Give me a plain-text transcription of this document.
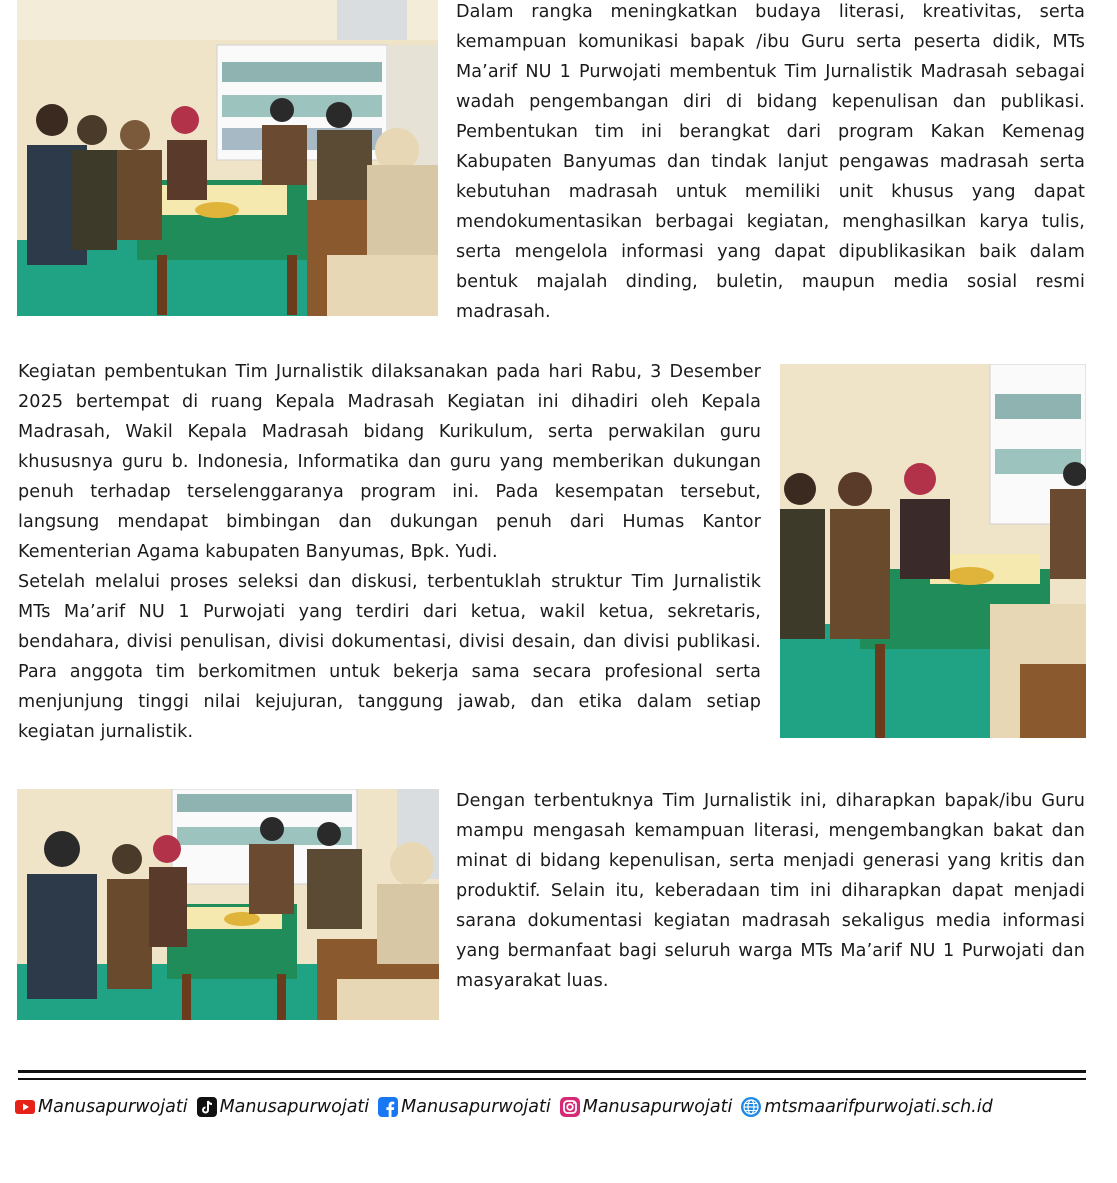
Dalam rangka meningkatkan budaya literasi, kreativitas, serta kemampuan komunikasi bapak /ibu Guru serta peserta didik, MTs Ma’arif NU 1 Purwojati membentuk Tim Jurnalistik Madrasah sebagai wadah pengembangan diri di bidang kepenulisan dan publikasi. Pembentukan tim ini berangkat dari program Kakan Kemenag Kabupaten Banyumas dan tindak lanjut pengawas madrasah serta kebutuhan madrasah untuk memiliki unit khusus yang dapat mendokumentasikan berbagai kegiatan, menghasilkan karya tulis, serta mengelola informasi yang dapat dipublikasikan baik dalam bentuk majalah dinding, buletin, maupun media sosial resmi madrasah.

Kegiatan pembentukan Tim Jurnalistik dilaksanakan pada hari Rabu, 3 Desember 2025 bertempat di ruang Kepala Madrasah Kegiatan ini dihadiri oleh Kepala Madrasah, Wakil Kepala Madrasah bidang Kurikulum, serta perwakilan guru khususnya guru b. Indonesia, Informatika dan guru yang memberikan dukungan penuh terhadap terselenggaranya program ini. Pada kesempatan tersebut, langsung mendapat bimbingan dan dukungan penuh dari Humas Kantor Kementerian Agama kabupaten Banyumas, Bpk. Yudi.

Setelah melalui proses seleksi dan diskusi, terbentuklah struktur Tim Jurnalistik MTs Ma’arif NU 1 Purwojati yang terdiri dari ketua, wakil ketua, sekretaris, bendahara, divisi penulisan, divisi dokumentasi, divisi desain, dan divisi publikasi. Para anggota tim berkomitmen untuk bekerja sama secara profesional serta menjunjung tinggi nilai kejujuran, tanggung jawab, dan etika dalam setiap kegiatan jurnalistik.

Dengan terbentuknya Tim Jurnalistik ini, diharapkan bapak/ibu Guru mampu mengasah kemampuan literasi, mengembangkan bakat dan minat di bidang kepenulisan, serta menjadi generasi yang kritis dan produktif. Selain itu, keberadaan tim ini diharapkan dapat menjadi sarana dokumentasi kegiatan madrasah sekaligus media informasi yang bermanfaat bagi seluruh warga MTs Ma’arif NU 1 Purwojati dan masyarakat luas.

Manusapurwojati Manusapurwojati Manusapurwojati Manusapurwojati mtsmaarifpurwojati.sch.id
